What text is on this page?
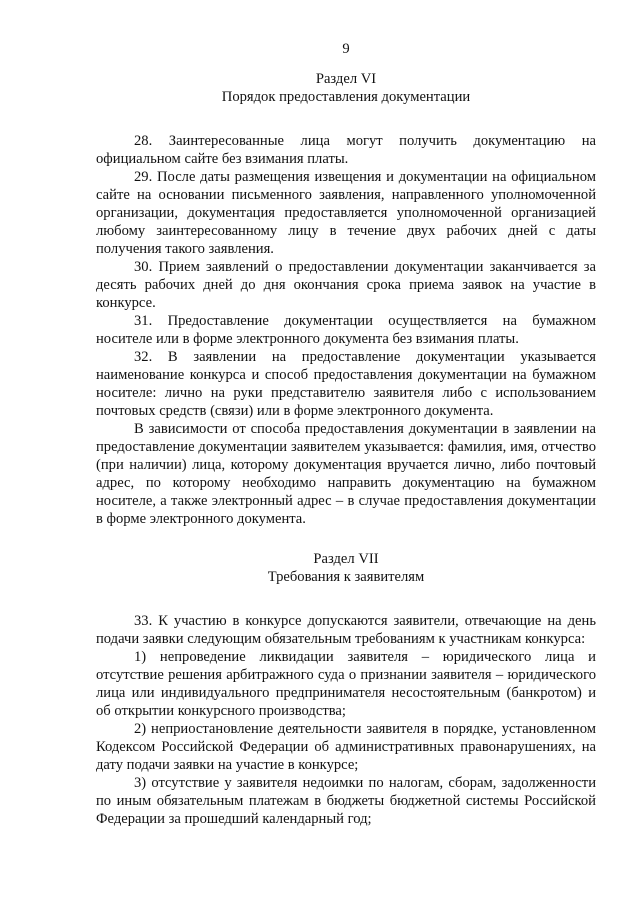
9
Раздел VI
Порядок предоставления документации

28. Заинтересованные лица могут получить документацию на официальном сайте без взимания платы.

29. После даты размещения извещения и документации на официальном сайте на основании письменного заявления, направленного уполномоченной организации, документация предоставляется уполномоченной организацией любому заинтересованному лицу в течение двух рабочих дней с даты получения такого заявления.

30. Прием заявлений о предоставлении документации заканчивается за десять рабочих дней до дня окончания срока приема заявок на участие в конкурсе.

31. Предоставление документации осуществляется на бумажном носителе или в форме электронного документа без взимания платы.

32. В заявлении на предоставление документации указывается наименование конкурса и способ предоставления документации на бумажном носителе: лично на руки представителю заявителя либо с использованием почтовых средств (связи) или в форме электронного документа.

В зависимости от способа предоставления документации в заявлении на предоставление документации заявителем указывается: фамилия, имя, отчество (при наличии) лица, которому документация вручается лично, либо почтовый адрес, по которому необходимо направить документацию на бумажном носителе, а также электронный адрес – в случае предоставления документации в форме электронного документа.

Раздел VII
Требования к заявителям

33. К участию в конкурсе допускаются заявители, отвечающие на день подачи заявки следующим обязательным требованиям к участникам конкурса:

1) непроведение ликвидации заявителя – юридического лица и отсутствие решения арбитражного суда о признании заявителя – юридического лица или индивидуального предпринимателя несостоятельным (банкротом) и об открытии конкурсного производства;

2) неприостановление деятельности заявителя в порядке, установленном Кодексом Российской Федерации об административных правонарушениях, на дату подачи заявки на участие в конкурсе;

3) отсутствие у заявителя недоимки по налогам, сборам, задолженности по иным обязательным платежам в бюджеты бюджетной системы Российской Федерации за прошедший календарный год;
